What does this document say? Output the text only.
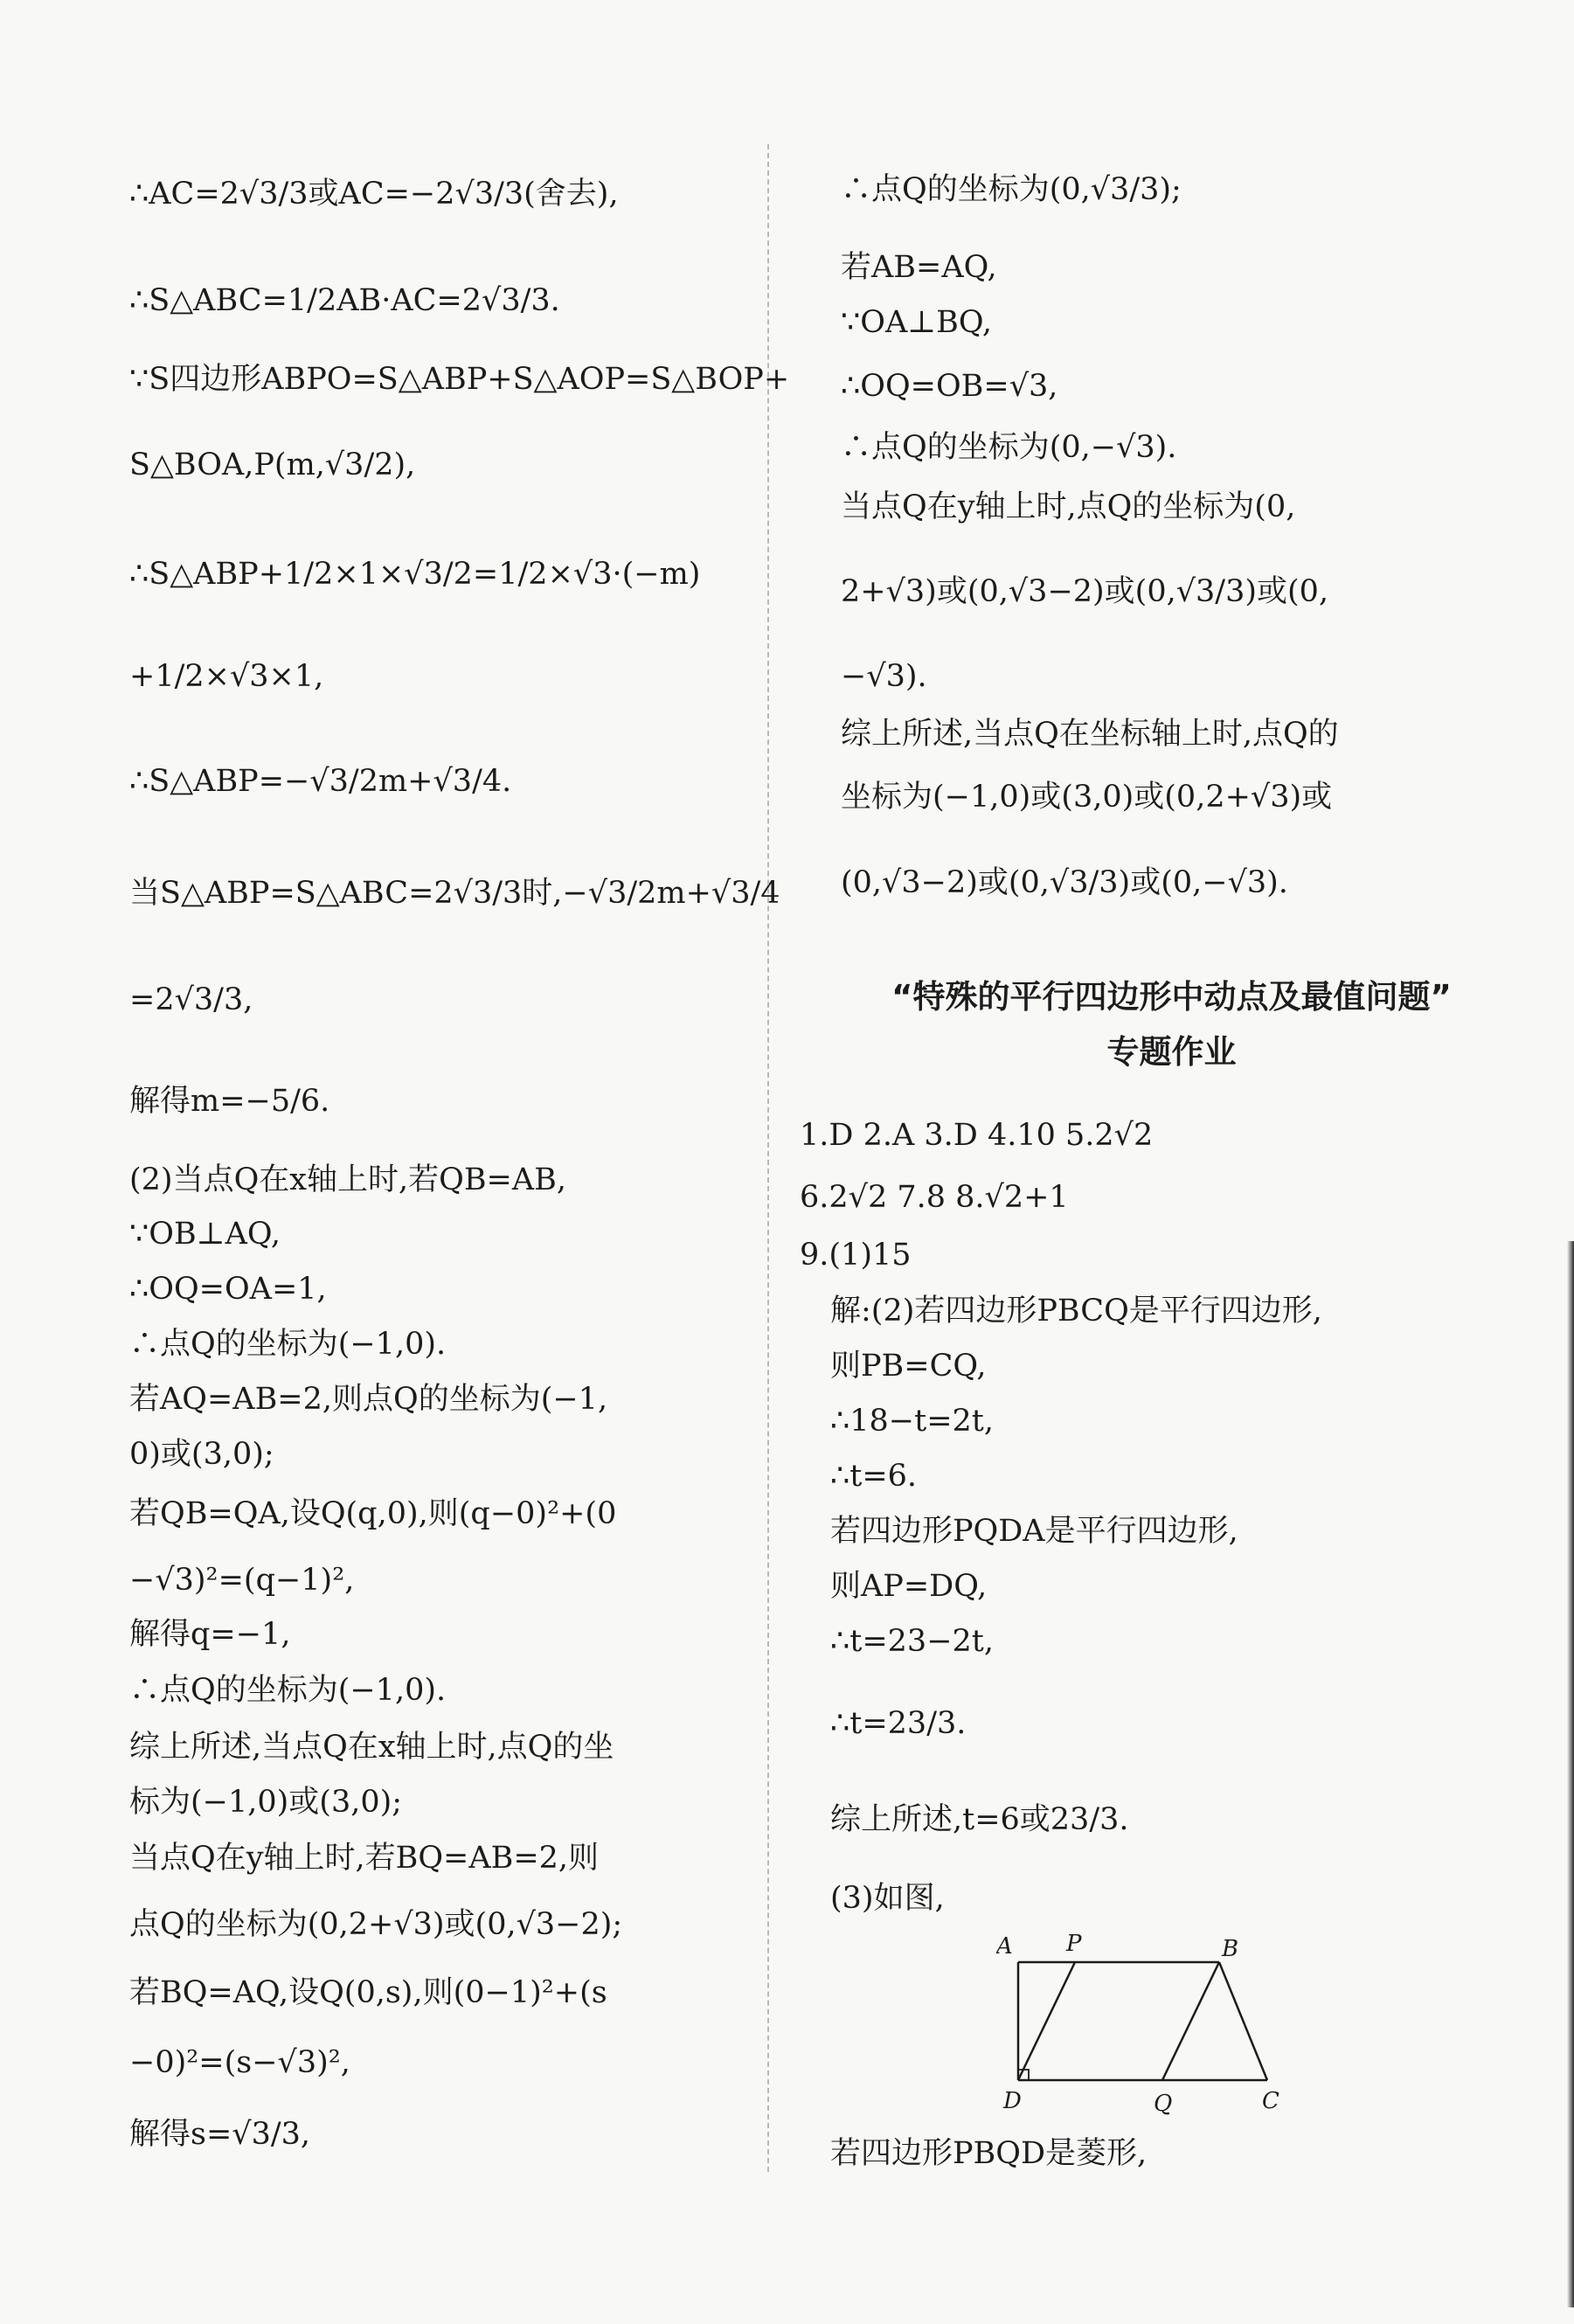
∴AC=2√3/3或AC=−2√3/3(舍去),
∴S△ABC=1/2AB·AC=2√3/3.
∵S四边形ABPO=S△ABP+S△AOP=S△BOP+
S△BOA,P(m,√3/2),
∴S△ABP+1/2×1×√3/2=1/2×√3·(−m)
+1/2×√3×1,
∴S△ABP=−√3/2m+√3/4.
当S△ABP=S△ABC=2√3/3时,−√3/2m+√3/4
=2√3/3,
解得m=−5/6.
(2)当点Q在x轴上时,若QB=AB,
∵OB⊥AQ,
∴OQ=OA=1,
∴点Q的坐标为(−1,0).
若AQ=AB=2,则点Q的坐标为(−1,
0)或(3,0);
若QB=QA,设Q(q,0),则(q−0)²+(0
−√3)²=(q−1)²,
解得q=−1,
∴点Q的坐标为(−1,0).
综上所述,当点Q在x轴上时,点Q的坐
标为(−1,0)或(3,0);
当点Q在y轴上时,若BQ=AB=2,则
点Q的坐标为(0,2+√3)或(0,√3−2);
若BQ=AQ,设Q(0,s),则(0−1)²+(s
−0)²=(s−√3)²,
解得s=√3/3,
∴点Q的坐标为(0,√3/3);
若AB=AQ,
∵OA⊥BQ,
∴OQ=OB=√3,
∴点Q的坐标为(0,−√3).
当点Q在y轴上时,点Q的坐标为(0,
2+√3)或(0,√3−2)或(0,√3/3)或(0,
−√3).
综上所述,当点Q在坐标轴上时,点Q的
坐标为(−1,0)或(3,0)或(0,2+√3)或
(0,√3−2)或(0,√3/3)或(0,−√3).
“特殊的平行四边形中动点及最值问题”
专题作业
1.D 2.A 3.D 4.10 5.2√2
6.2√2 7.8 8.√2+1
9.(1)15
解:(2)若四边形PBCQ是平行四边形,
则PB=CQ,
∴18−t=2t,
∴t=6.
若四边形PQDA是平行四边形,
则AP=DQ,
∴t=23−2t,
∴t=23/3.
综上所述,t=6或23/3.
(3)如图,
若四边形PBQD是菱形,
A P	B
D	Q	C
